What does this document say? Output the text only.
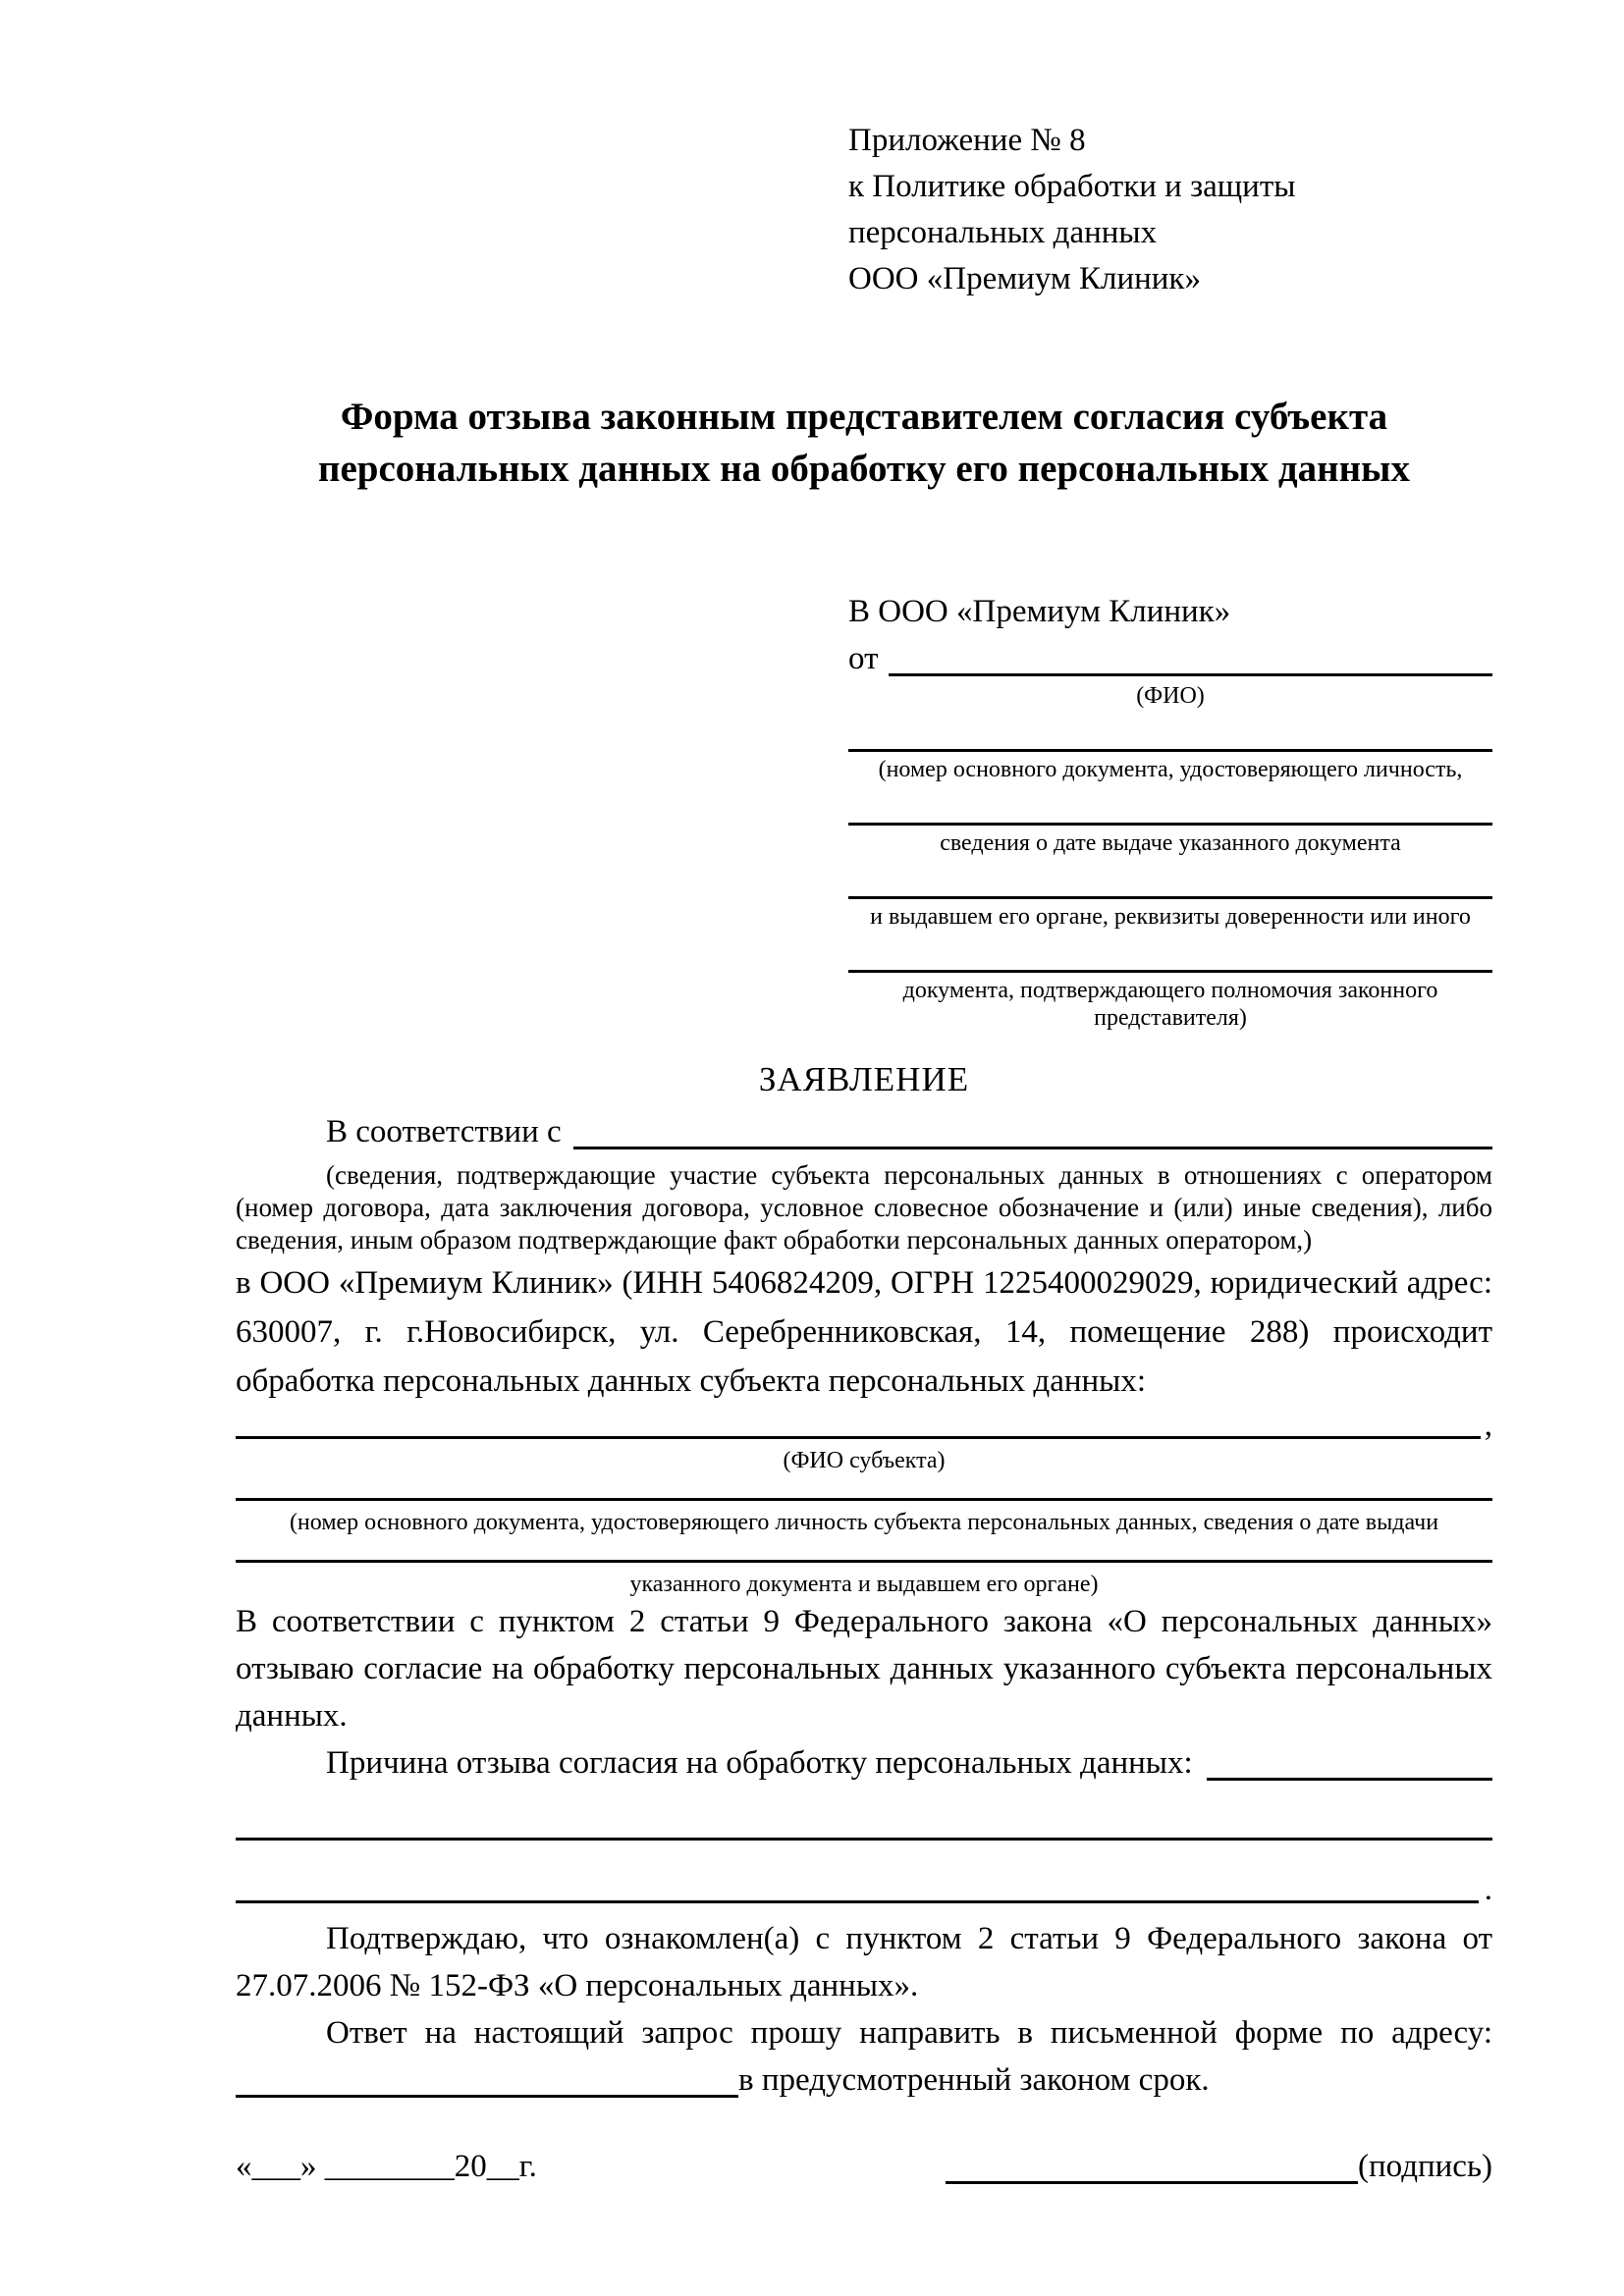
Приложение № 8
к Политике обработки и защиты
персональных данных
ООО «Премиум Клиник»
Форма отзыва законным представителем согласия субъекта
персональных данных на обработку его персональных данных
В ООО «Премиум Клиник»
от
(ФИО)
(номер основного документа, удостоверяющего личность,
сведения о дате выдаче указанного документа
и выдавшем его органе, реквизиты доверенности или иного
документа, подтверждающего полномочия законного представителя)
ЗАЯВЛЕНИЕ
В соответствии с

(сведения, подтверждающие участие субъекта персональных данных в отношениях с оператором (номер договора, дата заключения договора, условное словесное обозначение и (или) иные сведения), либо сведения, иным образом подтверждающие факт обработки персональных данных оператором,)

в ООО «Премиум Клиник» (ИНН 5406824209, ОГРН 1225400029029, юридический адрес: 630007, г. г.Новосибирск, ул. Серебренниковская, 14, помещение 288) происходит обработка персональных данных субъекта персональных данных:

,
(ФИО субъекта)
(номер основного документа, удостоверяющего личность субъекта персональных данных, сведения о дате выдачи
указанного документа и выдавшем его органе)

В соответствии с пунктом 2 статьи 9 Федерального закона «О персональных данных» отзываю согласие на обработку персональных данных указанного субъекта персональных данных.

Причина отзыва согласия на обработку персональных данных:
.

Подтверждаю, что ознакомлен(а) с пунктом 2 статьи 9 Федерального закона от 27.07.2006 № 152-ФЗ «О персональных данных».

Ответ на настоящий запрос прошу направить в письменной форме по адресу:
в предусмотренный законом срок.
«___» ________20__г.	(подпись)
